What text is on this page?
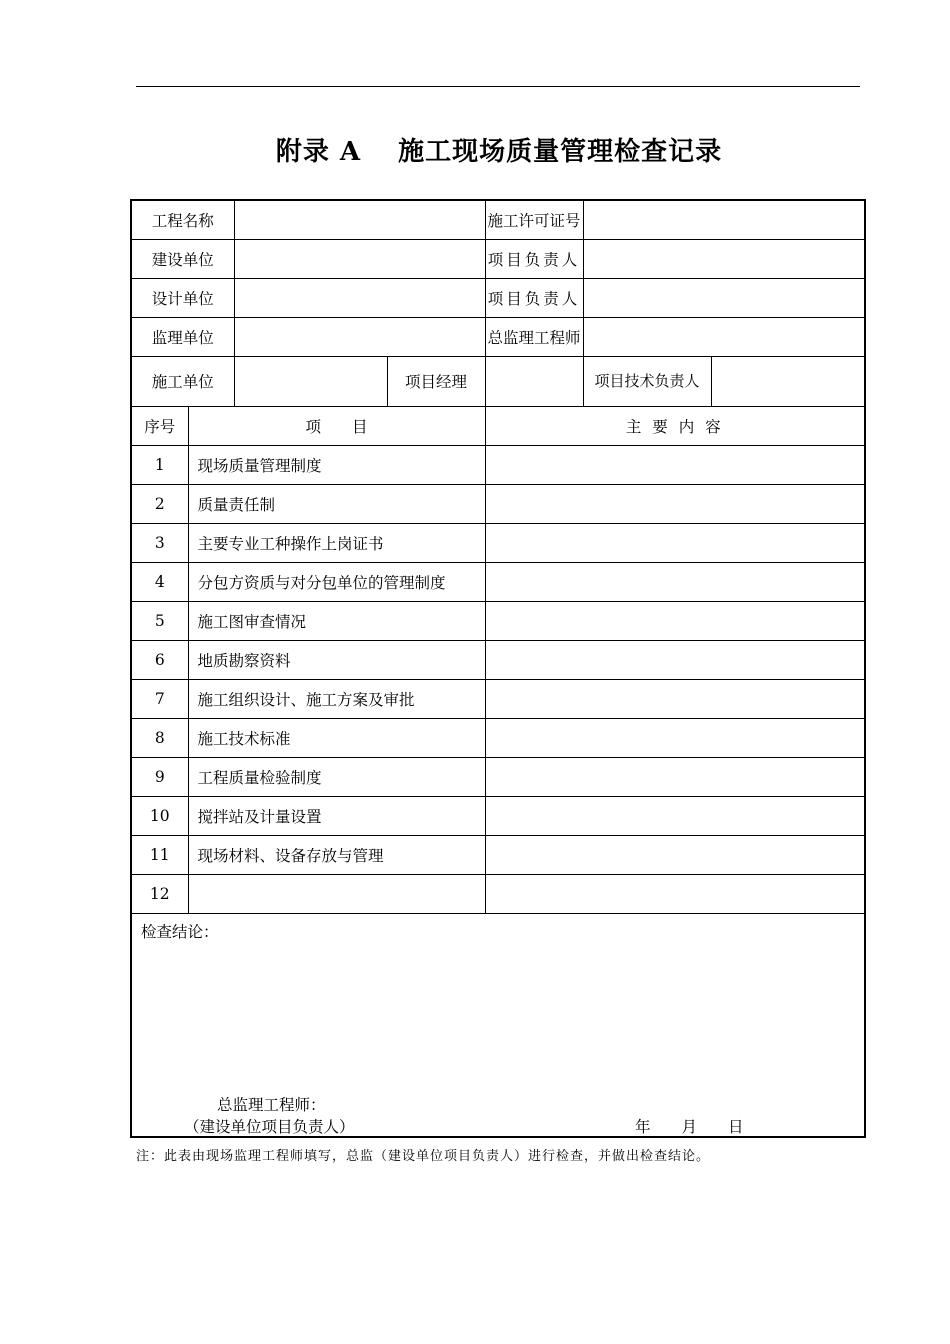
附录 A　 施工现场质量管理检查记录
工程名称				施工许可证号		
建设单位				项目负责人		
设计单位				项目负责人		
监理单位				总监理工程师		
施工单位			项目经理		项目技术负责人	
序号	项　　目			主 要 内 容		
1	现场质量管理制度					
2	质量责任制					
3	主要专业工种操作上岗证书					
4	分包方资质与对分包单位的管理制度					
5	施工图审查情况					
6	地质勘察资料					
7	施工组织设计、施工方案及审批					
8	施工技术标准					
9	工程质量检验制度					
10	搅拌站及计量设置					
11	现场材料、设备存放与管理					
12						

检查结论：
总监理工程师：
（建设单位项目负责人） 年　　月　　日						
注：此表由现场监理工程师填写，总监（建设单位项目负责人）进行检查，并做出检查结论。
